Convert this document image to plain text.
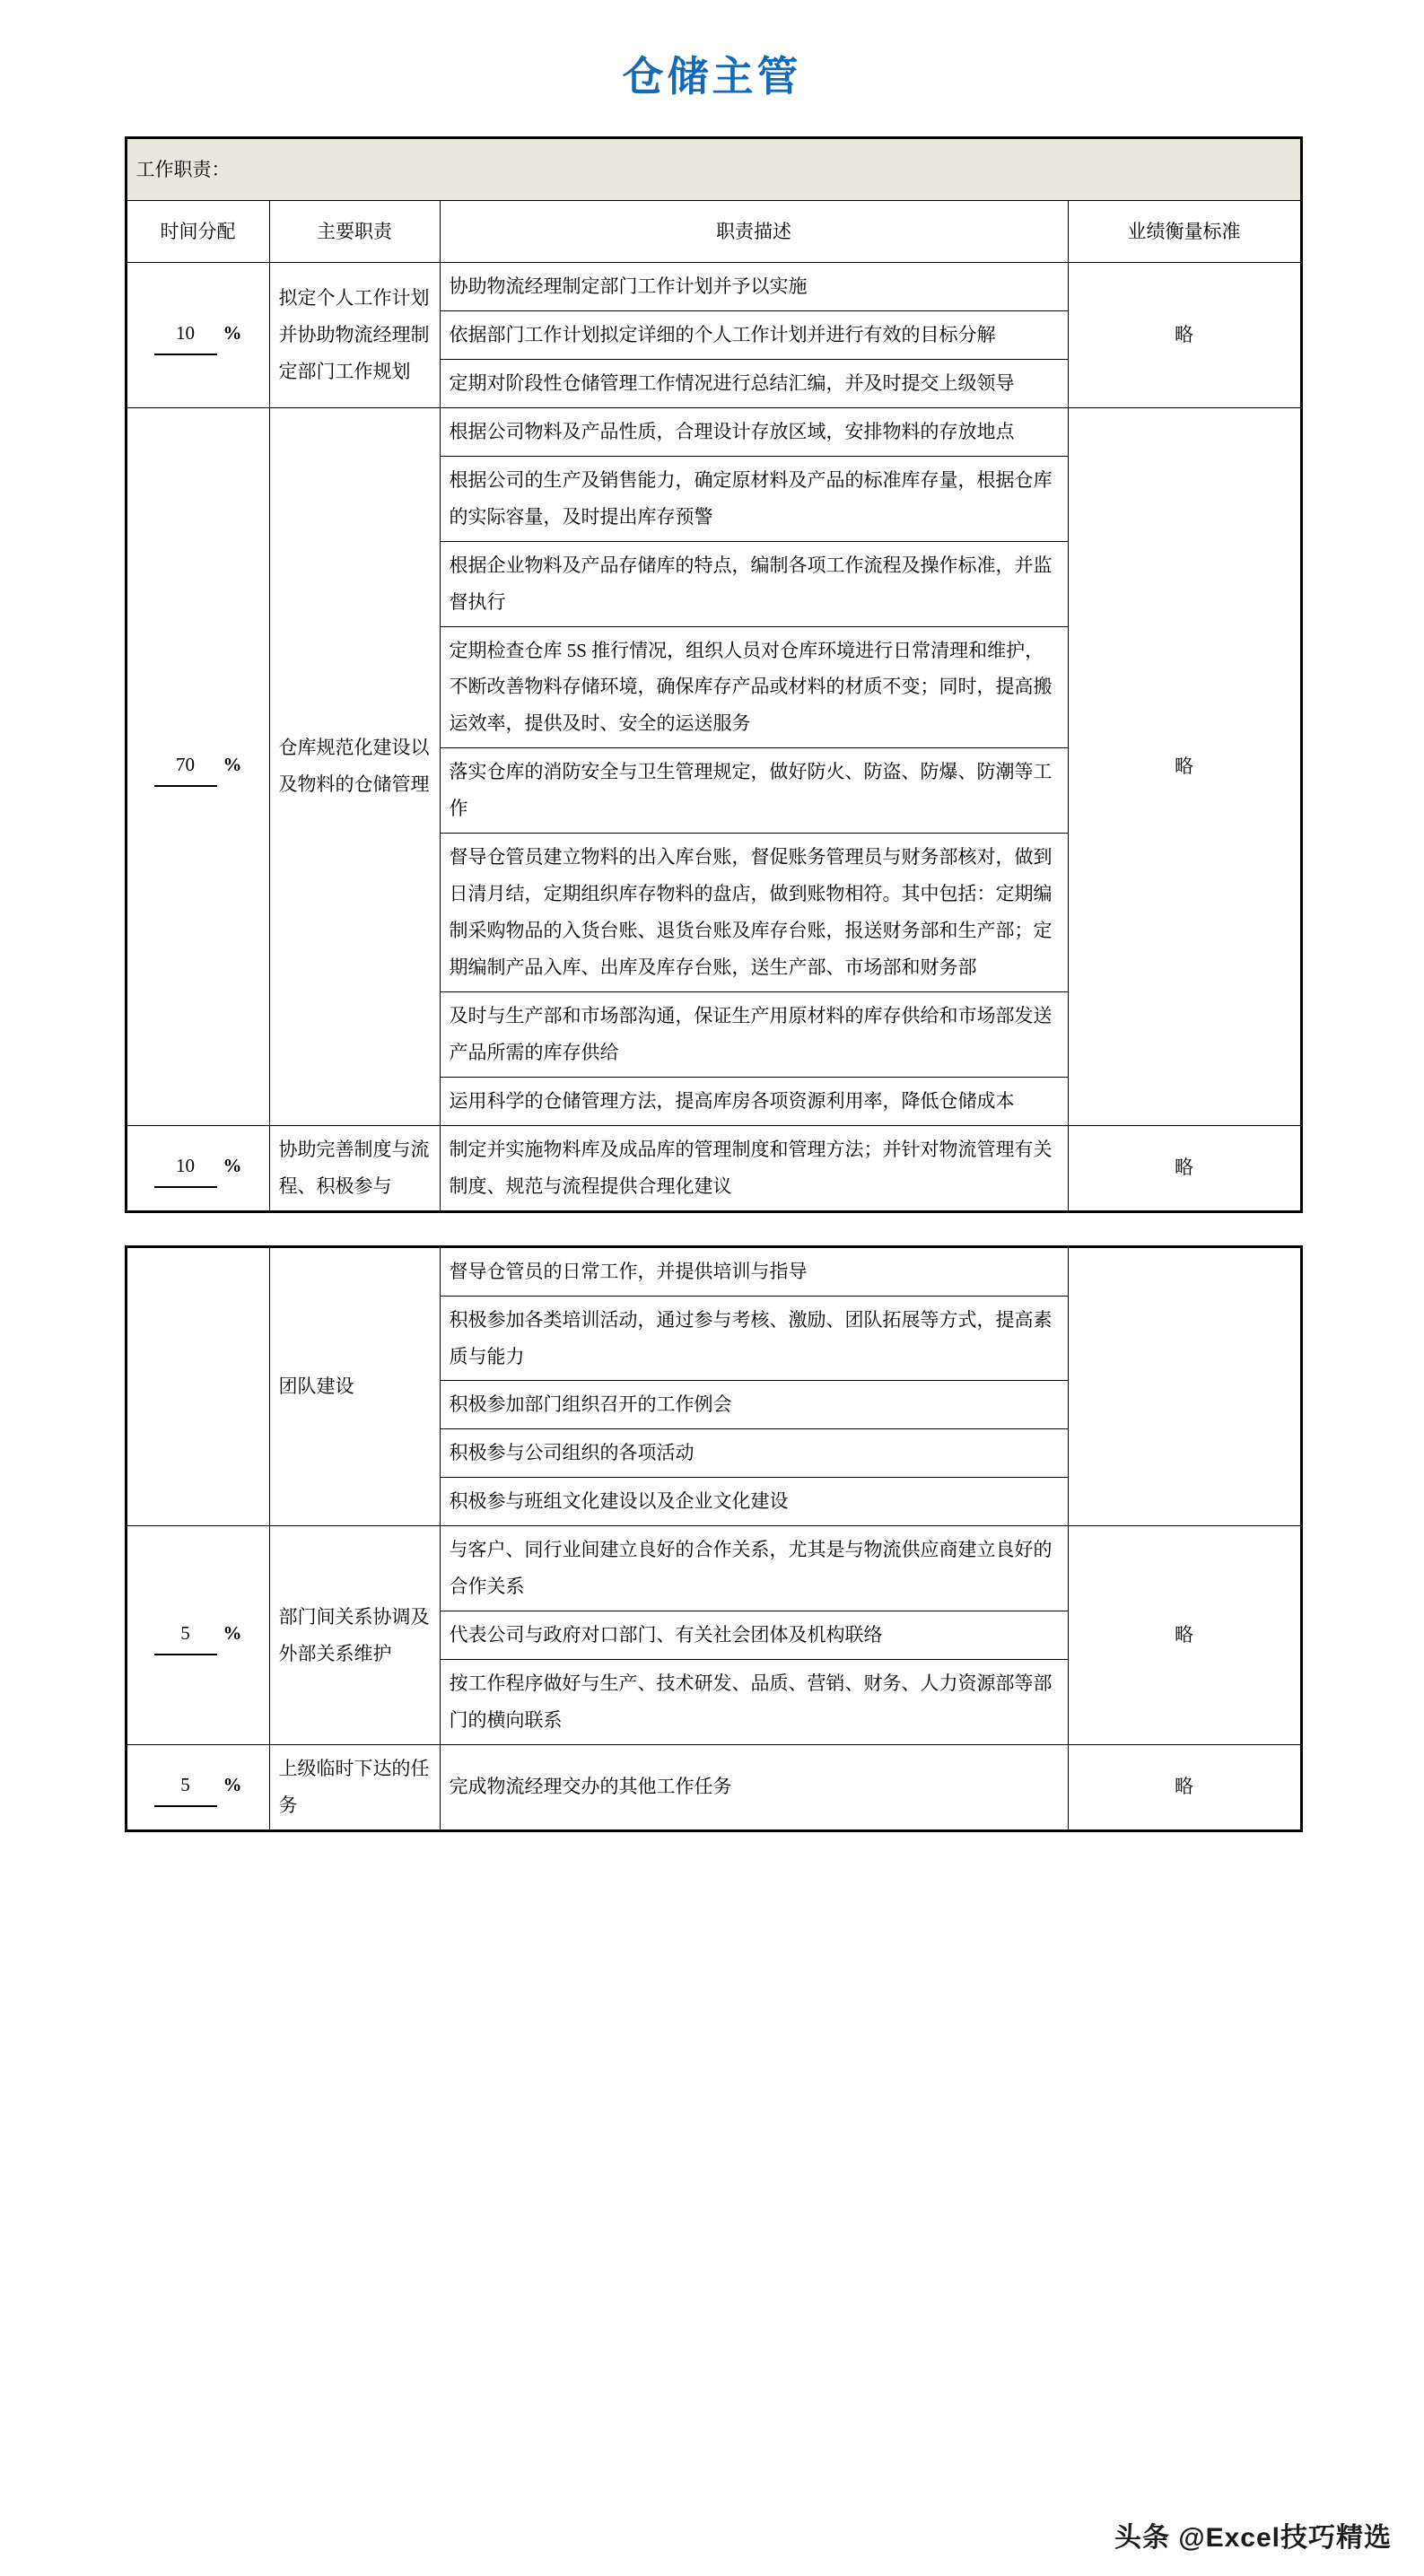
仓储主管
工作职责：			
时间分配	主要职责	职责描述	业绩衡量标准
10 %	拟定个人工作计划并协助物流经理制定部门工作规划	协助物流经理制定部门工作计划并予以实施	略
		依据部门工作计划拟定详细的个人工作计划并进行有效的目标分解	
		定期对阶段性仓储管理工作情况进行总结汇编，并及时提交上级领导	
70 %	仓库规范化建设以及物料的仓储管理	根据公司物料及产品性质，合理设计存放区域，安排物料的存放地点	略
		根据公司的生产及销售能力，确定原材料及产品的标准库存量，根据仓库的实际容量，及时提出库存预警	
		根据企业物料及产品存储库的特点，编制各项工作流程及操作标准，并监督执行	
		定期检查仓库 5S 推行情况，组织人员对仓库环境进行日常清理和维护，不断改善物料存储环境，确保库存产品或材料的材质不变；同时，提高搬运效率，提供及时、安全的运送服务	
		落实仓库的消防安全与卫生管理规定，做好防火、防盗、防爆、防潮等工作	
		督导仓管员建立物料的出入库台账，督促账务管理员与财务部核对，做到日清月结，定期组织库存物料的盘店，做到账物相符。其中包括：定期编制采购物品的入货台账、退货台账及库存台账，报送财务部和生产部；定期编制产品入库、出库及库存台账，送生产部、市场部和财务部	
		及时与生产部和市场部沟通，保证生产用原材料的库存供给和市场部发送产品所需的库存供给	
		运用科学的仓储管理方法，提高库房各项资源利用率，降低仓储成本	
10 %	协助完善制度与流程、积极参与	制定并实施物料库及成品库的管理制度和管理方法；并针对物流管理有关制度、规范与流程提供合理化建议	略
	团队建设	督导仓管员的日常工作，并提供培训与指导	
		积极参加各类培训活动，通过参与考核、激励、团队拓展等方式，提高素质与能力	
		积极参加部门组织召开的工作例会	
		积极参与公司组织的各项活动	
		积极参与班组文化建设以及企业文化建设	
5 %	部门间关系协调及外部关系维护	与客户、同行业间建立良好的合作关系，尤其是与物流供应商建立良好的合作关系	略
		代表公司与政府对口部门、有关社会团体及机构联络	
		按工作程序做好与生产、技术研发、品质、营销、财务、人力资源部等部门的横向联系	
5 %	上级临时下达的任务	完成物流经理交办的其他工作任务	略
头条 @Excel技巧精选
